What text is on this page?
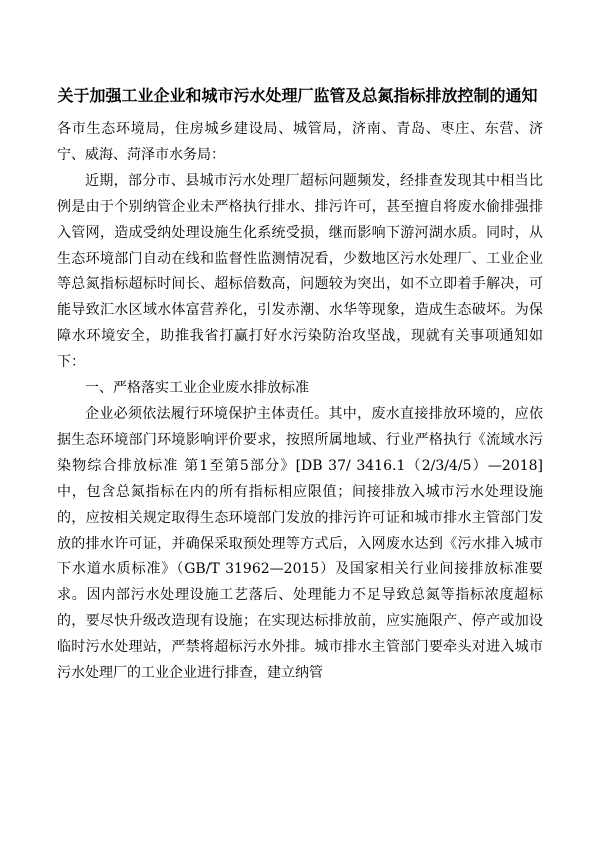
关于加强工业企业和城市污水处理厂监管及总氮指标排放控制的通知

各市生态环境局，住房城乡建设局、城管局，济南、青岛、枣庄、东营、济宁、威海、菏泽市水务局：

近期，部分市、县城市污水处理厂超标问题频发，经排查发现其中相当比例是由于个别纳管企业未严格执行排水、排污许可，甚至擅自将废水偷排强排入管网，造成受纳处理设施生化系统受损，继而影响下游河湖水质。同时，从生态环境部门自动在线和监督性监测情况看，少数地区污水处理厂、工业企业等总氮指标超标时间长、超标倍数高，问题较为突出，如不立即着手解决，可能导致汇水区域水体富营养化，引发赤潮、水华等现象，造成生态破坏。为保障水环境安全，助推我省打赢打好水污染防治攻坚战，现就有关事项通知如下：

一、严格落实工业企业废水排放标准

企业必须依法履行环境保护主体责任。其中，废水直接排放环境的，应依据生态环境部门环境影响评价要求，按照所属地域、行业严格执行《流域水污染物综合排放标准 第1至第5部分》[DB 37/ 3416.1（2/3/4/5）—2018]中，包含总氮指标在内的所有指标相应限值；间接排放入城市污水处理设施的，应按相关规定取得生态环境部门发放的排污许可证和城市排水主管部门发放的排水许可证，并确保采取预处理等方式后，入网废水达到《污水排入城市下水道水质标准》（GB/T 31962—2015）及国家相关行业间接排放标准要求。因内部污水处理设施工艺落后、处理能力不足导致总氮等指标浓度超标的，要尽快升级改造现有设施；在实现达标排放前，应实施限产、停产或加设临时污水处理站，严禁将超标污水外排。城市排水主管部门要牵头对进入城市污水处理厂的工业企业进行排查，建立纳管
